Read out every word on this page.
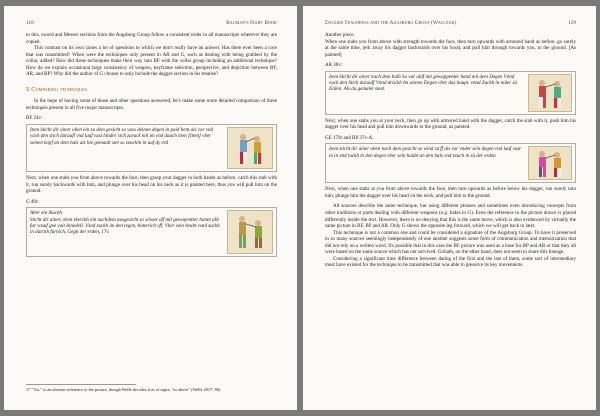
118	Bauman's Fight Book

to this, sword and Messer sections from the Augsburg Group follow a consistent order in all manuscripts wherever they are copied.

This contrast on its own raises a lot of questions to which we don't really have an answer. Has there ever been a core that was transmitted? When were the techniques only present in AR and G, such as dealing with being grabbed by the collar, added? How did these techniques make their way into BF with the collar group including an additional technique? How do we explain occasional large consistency of weapon, keyframe selection, perspective, and depiction between BF, AR, and BP? Why did the author of G choose to only include the dagger section in his treatise?

5 Comparing techniques

In the hope of having some of those and other questions answered, let's make some more detailed comparison of three techniques present in all five major manuscripts.

BF 24v:

Item Sticht dir ainer oben ein zu dem gesicht so vass deinen degen in paid hent als vor vnd vach den stich daraufl vnd lauf vast hinder sich zuruck mit im vnd dauch inen [Item] vber seinen kopf an dem hals als hie gemault stet so zeuchin in auf dy erd

Next, when one stabs you from above towards the face, then grasp your dagger in both hands as before, catch this stab with it, run surely backwards with him, and plunge over his head on his neck as it is painted here, thus you will pull him on the ground.

G 49r:

Aber ein Stuckh
Sticht dir ainer, oben zkerckh ein nachdem ausgesicht so wisset off mit gewapentter hannt allt fur vasuf gee vait Innedell. Vsnd zuckh im den tegen, hinterich vff. Vber sein heubt vsnd zuckh in durckh furnich, Gegn der erden, 17v.

17 "Vtz." is an obvious reference to the picture, though Welle decodes it as of sapra, "as above" (Welle 2017: 86).
Dagger Teachings and the Augsburg Group (Walczak)	119

Another piece.

When one stabs you from above with strength towards the face, then turn upwards with armored hand as before, go surely at the same time, jerk away his dagger backwards over his hood, and pull him through towards you, to the ground. [As painted]

AR 38v:

Item Sticht dir ainer nach dem halb So var aldf mit gewappenter hand mit dem Degen Vnnd vach den Stich darauff Vnnd drückh Im seinen Degen vber das haupt. vnnd Zuckh in nider zü Erden. Als da gemalet steet.

Next, when one stabs you at your neck, then go up with armored hand with the dagger, catch the stab with it, push him his dagger over his head and pull him downwards to the ground, as painted.

GE 179r and BP 37v-A:

Item sticht dir ainer oben nach dem gesicht so wind zu'ff als vor vnder sein degen vnd lauf vast in in vnd tuckh in den degen vber sein haübt an den hals vnd zeuch in zü der erden

Next, when one stabs at you from above towards the face, then turn upwards as before below his dagger, run surely into him, plunge him the dagger over his head on the neck, and pull him to the ground.

All sources describe the same technique, but using different phrases and sometimes even introducing concepts from other traditions or parts dealing with different weapons (e.g. Indes in G). Even the reference to the picture drawn is placed differently inside the text. However, there is no denying that this is the same move, which is also evidenced by virtually the same picture in BF, BP and AR. Only G shows the opposite leg forward, which we will get back to later.

This technique is not a common one and could be considered a signature of the Augsburg Group. To have it preserved in so many sources seemingly independently of one another suggests some form of communication and memorization that did not rely on a written word. It's possible that in this case the BF picture was used as a base for BP and AR or that they all were based on the same source which has not survived. Goliath, on the other hand, does not seem to share this lineage.

Considering a significant time difference between dating of the first and the last of them, some sort of intermediary must have existed for the technique to be transmitted that was able to preserve its key movements.
